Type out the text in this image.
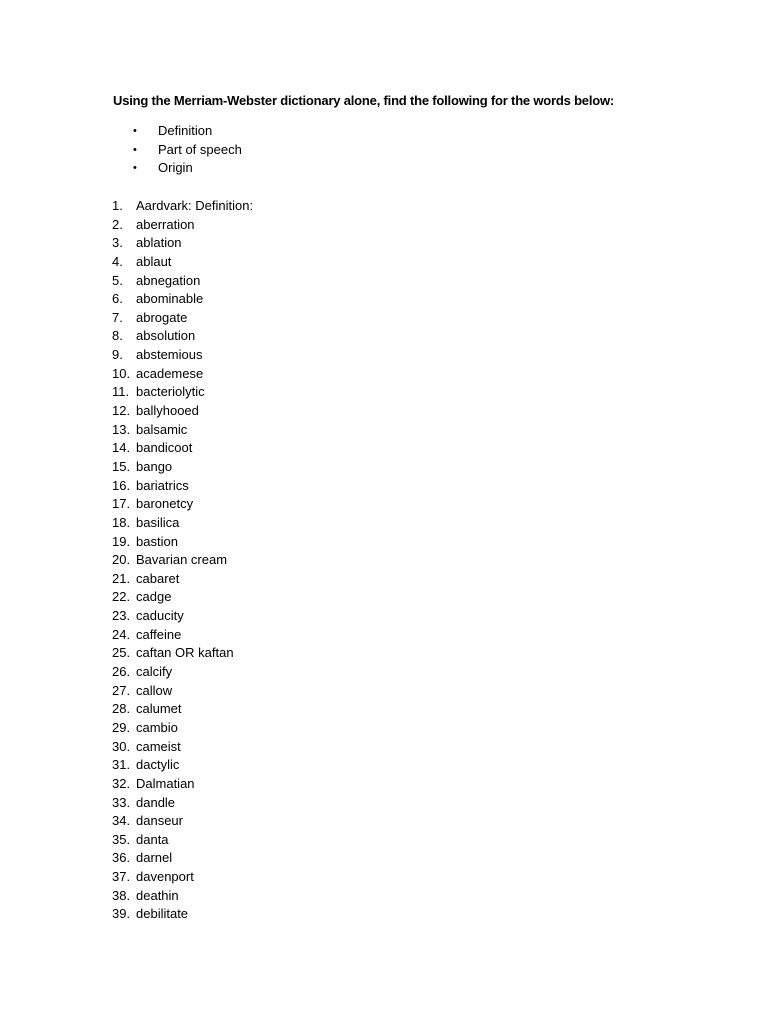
Using the Merriam-Webster dictionary alone, find the following for the words below:
• Definition
• Part of speech
• Origin
1. Aardvark: Definition:
2. aberration
3. ablation
4. ablaut
5. abnegation
6. abominable
7. abrogate
8. absolution
9. abstemious
10. academese
11. bacteriolytic
12. ballyhooed
13. balsamic
14. bandicoot
15. bango
16. bariatrics
17. baronetcy
18. basilica
19. bastion
20. Bavarian cream
21. cabaret
22. cadge
23. caducity
24. caffeine
25. caftan OR kaftan
26. calcify
27. callow
28. calumet
29. cambio
30. cameist
31. dactylic
32. Dalmatian
33. dandle
34. danseur
35. danta
36. darnel
37. davenport
38. deathin
39. debilitate
